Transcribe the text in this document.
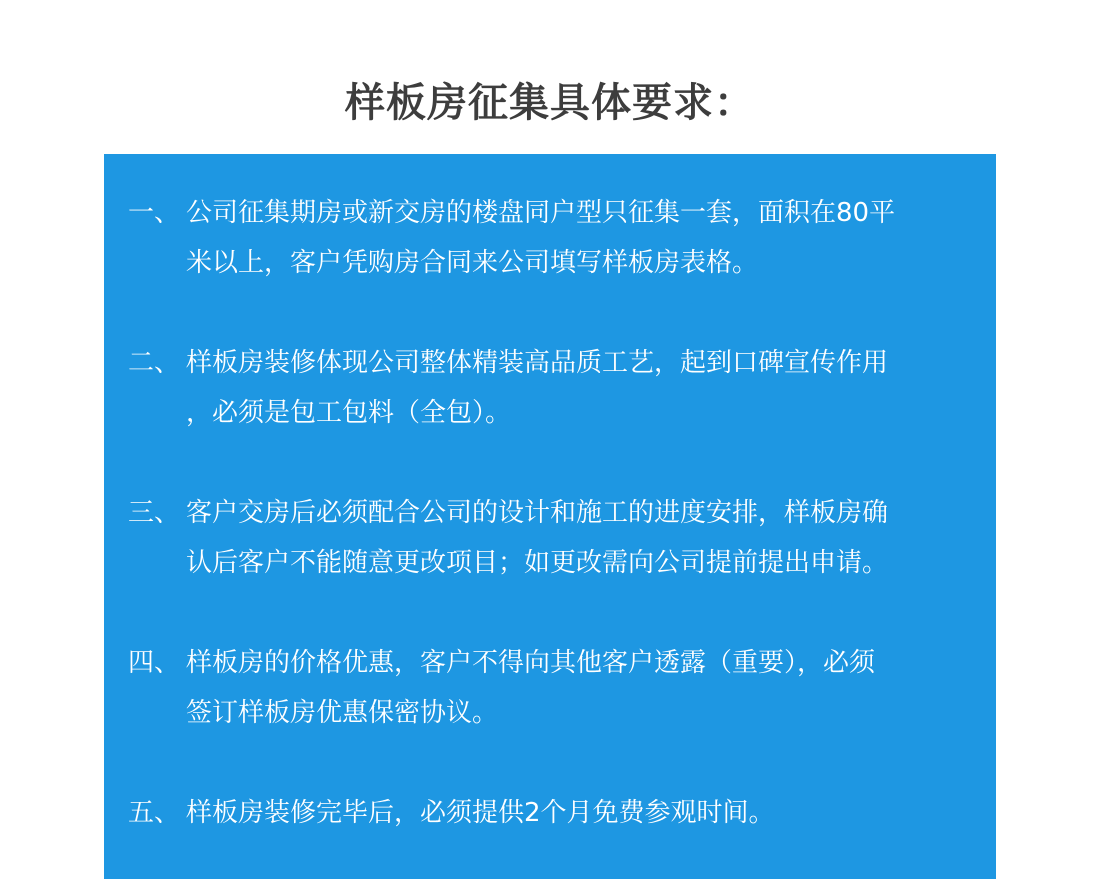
样板房征集具体要求：
一、 公司征集期房或新交房的楼盘同户型只征集一套，面积在80平
米以上，客户凭购房合同来公司填写样板房表格。
二、 样板房装修体现公司整体精装高品质工艺，起到口碑宣传作用
，必须是包工包料（全包）。
三、 客户交房后必须配合公司的设计和施工的进度安排，样板房确
认后客户不能随意更改项目；如更改需向公司提前提出申请。
四、 样板房的价格优惠，客户不得向其他客户透露（重要），必须
签订样板房优惠保密协议。
五、 样板房装修完毕后，必须提供2个月免费参观时间。
